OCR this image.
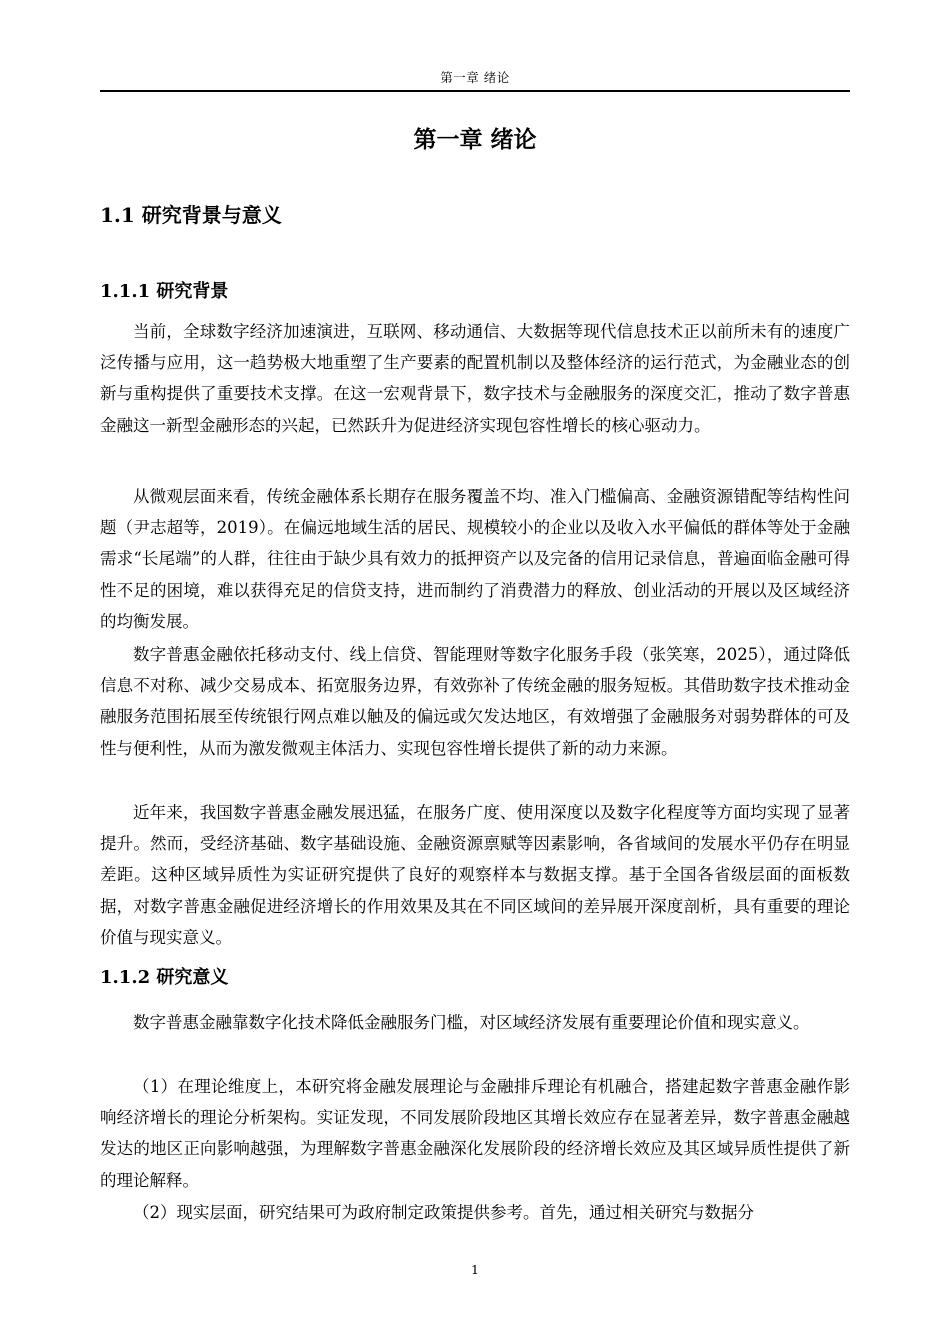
第一章 绪论
第一章 绪论
1.1 研究背景与意义
1.1.1 研究背景

当前，全球数字经济加速演进，互联网、移动通信、大数据等现代信息技术正以前所未有的速度广泛传播与应用，这一趋势极大地重塑了生产要素的配置机制以及整体经济的运行范式，为金融业态的创新与重构提供了重要技术支撑。在这一宏观背景下，数字技术与金融服务的深度交汇，推动了数字普惠金融这一新型金融形态的兴起，已然跃升为促进经济实现包容性增长的核心驱动力。

从微观层面来看，传统金融体系长期存在服务覆盖不均、准入门槛偏高、金融资源错配等结构性问题（尹志超等，2019）。在偏远地域生活的居民、规模较小的企业以及收入水平偏低的群体等处于金融需求“长尾端”的人群，往往由于缺少具有效力的抵押资产以及完备的信用记录信息，普遍面临金融可得性不足的困境，难以获得充足的信贷支持，进而制约了消费潜力的释放、创业活动的开展以及区域经济的均衡发展。

数字普惠金融依托移动支付、线上信贷、智能理财等数字化服务手段（张笑寒，2025），通过降低信息不对称、减少交易成本、拓宽服务边界，有效弥补了传统金融的服务短板。其借助数字技术推动金融服务范围拓展至传统银行网点难以触及的偏远或欠发达地区，有效增强了金融服务对弱势群体的可及性与便利性，从而为激发微观主体活力、实现包容性增长提供了新的动力来源。

近年来，我国数字普惠金融发展迅猛，在服务广度、使用深度以及数字化程度等方面均实现了显著提升。然而，受经济基础、数字基础设施、金融资源禀赋等因素影响，各省域间的发展水平仍存在明显差距。这种区域异质性为实证研究提供了良好的观察样本与数据支撑。基于全国各省级层面的面板数据，对数字普惠金融促进经济增长的作用效果及其在不同区域间的差异展开深度剖析，具有重要的理论价值与现实意义。

1.1.2 研究意义

数字普惠金融靠数字化技术降低金融服务门槛，对区域经济发展有重要理论价值和现实意义。

（1）在理论维度上，本研究将金融发展理论与金融排斥理论有机融合，搭建起数字普惠金融作影响经济增长的理论分析架构。实证发现，不同发展阶段地区其增长效应存在显著差异，数字普惠金融越发达的地区正向影响越强，为理解数字普惠金融深化发展阶段的经济增长效应及其区域异质性提供了新的理论解释。

（2）现实层面，研究结果可为政府制定政策提供参考。首先，通过相关研究与数据分

1
